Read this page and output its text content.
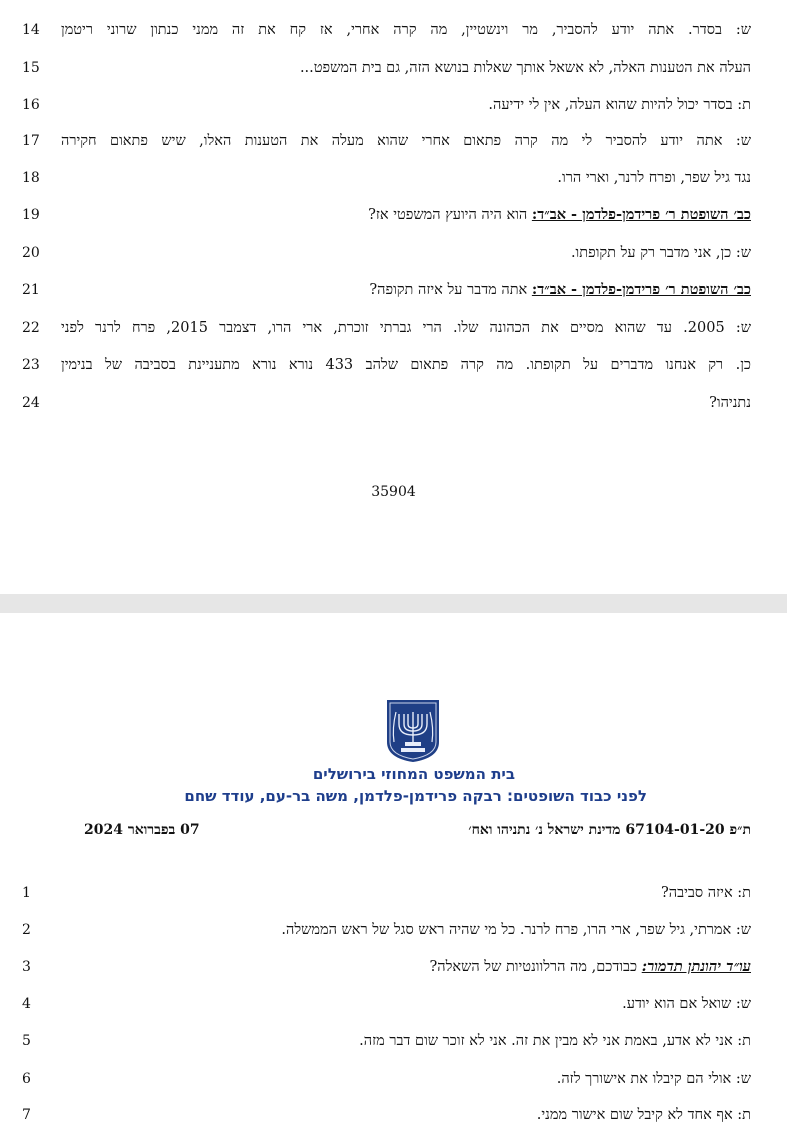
14	ש: בסדר. אתה יודע להסביר, מר וינשטיין, מה קרה אחרי, אז קח את זה ממני כנתון שרוני ריטמן
15	העלה את הטענות האלה, לא אשאל אותך שאלות בנושא הזה, גם בית המשפט...
16	ת: בסדר יכול להיות שהוא העלה, אין לי ידיעה.
17	ש: אתה יודע להסביר לי מה קרה פתאום אחרי שהוא מעלה את הטענות האלו, שיש פתאום חקירה
18	נגד גיל שפר, ופרח לרנר, וארי הרו.
19	כב׳ השופטת ר׳ פרידמן-פלדמן - אב״ד: הוא היה היועץ המשפטי אז?
20	ש: כן, אני מדבר רק על תקופתו.
21	כב׳ השופטת ר׳ פרידמן-פלדמן - אב״ד: אתה מדבר על איזה תקופה?
22	ש: 2005. עד שהוא מסיים את הכהונה שלו. הרי גברתי זוכרת, ארי הרו, דצמבר 2015, פרח לרנר לפני
23	כן. רק אנחנו מדברים על תקופתו. מה קרה פתאום שלהב 433 נורא נורא מתעניינת בסביבה של בנימין
24	נתניהו?
35904
בית המשפט המחוזי בירושלים
לפני כבוד השופטים: רבקה פרידמן-פלדמן, משה בר-עם, עודד שחם
ת״פ 67104-01-20 מדינת ישראל נ׳ נתניהו ואח׳
07 בפברואר 2024
1	ת: איזה סביבה?
2	ש: אמרתי, גיל שפר, ארי הרו, פרח לרנר. כל מי שהיה ראש סגל של ראש הממשלה.
3	עו״ד יהונתן תדמור: כבודכם, מה הרלוונטיות של השאלה?
4	ש: שואל אם הוא יודע.
5	ת: אני לא אדע, באמת אני לא מבין את זה. אני לא זוכר שום דבר מזה.
6	ש: אולי הם קיבלו את אישורך לזה.
7	ת: אף אחד לא קיבל שום אישור ממני.
